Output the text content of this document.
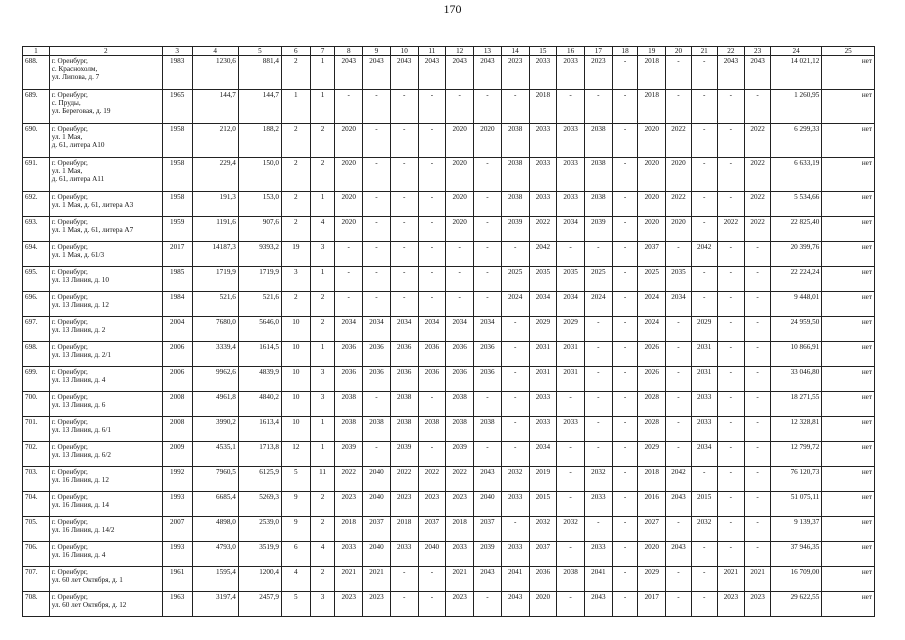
170
1	2	3	4	5	6	7	8	9	10	11	12	13	14	15	16	17	18	19	20	21	22	23	24	25
688.	г. Оренбург,
с. Краснохолм,
ул. Липова, д. 7	1983	1230,6	881,4	2	1	2043	2043	2043	2043	2043	2043	2023	2033	2033	2023	-	2018	-	-	2043	2043	14 021,12	нет
689.	г. Оренбург,
с. Пруды,
ул. Береговая, д. 19	1965	144,7	144,7	1	1	-	-	-	-	-	-	-	2018	-	-	-	2018	-	-	-	-	1 260,95	нет
690.	г. Оренбург,
ул. 1 Мая,
д. 61, литера А10	1958	212,0	188,2	2	2	2020	-	-	-	2020	2020	2038	2033	2033	2038	-	2020	2022	-	-	2022	6 299,33	нет
691.	г. Оренбург,
ул. 1 Мая,
д. 61, литера А11	1958	229,4	150,0	2	2	2020	-	-	-	2020	-	2038	2033	2033	2038	-	2020	2020	-	-	2022	6 633,19	нет
692.	г. Оренбург,
ул. 1 Мая, д. 61, литера А3	1958	191,3	153,0	2	1	2020	-	-	-	2020	-	2038	2033	2033	2038	-	2020	2022	-	-	2022	5 534,66	нет
693.	г. Оренбург,
ул. 1 Мая, д. 61, литера А7	1959	1191,6	907,6	2	4	2020	-	-	-	2020	-	2039	2022	2034	2039	-	2020	2020	-	2022	2022	22 825,40	нет
694.	г. Оренбург,
ул. 1 Мая, д. 61/3	2017	14187,3	9393,2	19	3	-	-	-	-	-	-	-	2042	-	-	-	2037	-	2042	-	-	20 399,76	нет
695.	г. Оренбург,
ул. 13 Линия, д. 10	1985	1719,9	1719,9	3	1	-	-	-	-	-	-	2025	2035	2035	2025	-	2025	2035	-	-	-	22 224,24	нет
696.	г. Оренбург,
ул. 13 Линия, д. 12	1984	521,6	521,6	2	2	-	-	-	-	-	-	2024	2034	2034	2024	-	2024	2034	-	-	-	9 448,01	нет
697.	г. Оренбург,
ул. 13 Линия, д. 2	2004	7680,0	5646,0	10	2	2034	2034	2034	2034	2034	2034	-	2029	2029	-	-	2024	-	2029	-	-	24 959,50	нет
698.	г. Оренбург,
ул. 13 Линия, д. 2/1	2006	3339,4	1614,5	10	1	2036	2036	2036	2036	2036	2036	-	2031	2031	-	-	2026	-	2031	-	-	10 866,91	нет
699.	г. Оренбург,
ул. 13 Линия, д. 4	2006	9962,6	4839,9	10	3	2036	2036	2036	2036	2036	2036	-	2031	2031	-	-	2026	-	2031	-	-	33 046,80	нет
700.	г. Оренбург,
ул. 13 Линия, д. 6	2008	4961,8	4840,2	10	3	2038	-	2038	-	2038	-	-	2033	-	-	-	2028	-	2033	-	-	18 271,55	нет
701.	г. Оренбург,
ул. 13 Линия, д. 6/1	2008	3990,2	1613,4	10	1	2038	2038	2038	2038	2038	2038	-	2033	2033	-	-	2028	-	2033	-	-	12 328,81	нет
702.	г. Оренбург,
ул. 13 Линия, д. 6/2	2009	4535,1	1713,8	12	1	2039	-	2039	-	2039	-	-	2034	-	-	-	2029	-	2034	-	-	12 799,72	нет
703.	г. Оренбург,
ул. 16 Линия, д. 12	1992	7960,5	6125,9	5	11	2022	2040	2022	2022	2022	2043	2032	2019	-	2032	-	2018	2042	-	-	-	76 120,73	нет
704.	г. Оренбург,
ул. 16 Линия, д. 14	1993	6685,4	5269,3	9	2	2023	2040	2023	2023	2023	2040	2033	2015	-	2033	-	2016	2043	2015	-	-	51 075,11	нет
705.	г. Оренбург,
ул. 16 Линия, д. 14/2	2007	4898,0	2539,0	9	2	2018	2037	2018	2037	2018	2037	-	2032	2032	-	-	2027	-	2032	-	-	9 139,37	нет
706.	г. Оренбург,
ул. 16 Линия, д. 4	1993	4793,0	3519,9	6	4	2033	2040	2033	2040	2033	2039	2033	2037	-	2033	-	2020	2043	-	-	-	37 946,35	нет
707.	г. Оренбург,
ул. 60 лет Октября, д. 1	1961	1595,4	1200,4	4	2	2021	2021	-	-	2021	2043	2041	2036	2038	2041	-	2029	-	-	2021	2021	16 709,00	нет
708.	г. Оренбург,
ул. 60 лет Октября, д. 12	1963	3197,4	2457,9	5	3	2023	2023	-	-	2023	-	2043	2020	-	2043	-	2017	-	-	2023	2023	29 622,55	нет
